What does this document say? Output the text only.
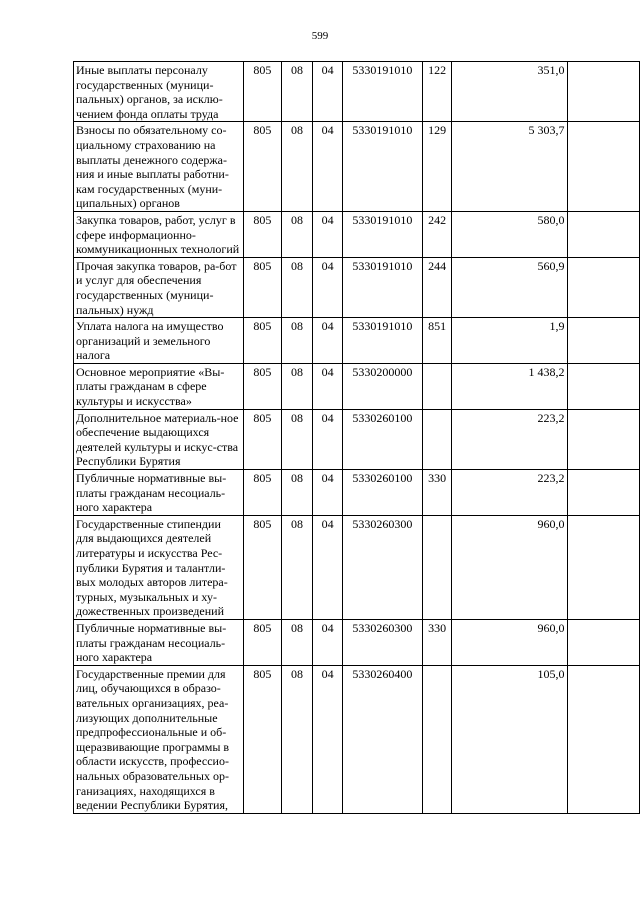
599
Иные выплаты персоналу государственных (муници-пальных) органов, за исклю-чением фонда оплаты труда	805	08	04	5330191010	122	351,0	
Взносы по обязательному со-циальному страхованию на выплаты денежного содержа-ния и иные выплаты работни-кам государственных (муни-ципальных) органов	805	08	04	5330191010	129	5 303,7	
Закупка товаров, работ, услуг в сфере информационно-коммуникационных технологий	805	08	04	5330191010	242	580,0	
Прочая закупка товаров, ра-бот и услуг для обеспечения государственных (муници-пальных) нужд	805	08	04	5330191010	244	560,9	
Уплата налога на имущество организаций и земельного налога	805	08	04	5330191010	851	1,9	
Основное мероприятие «Вы-платы гражданам в сфере культуры и искусства»	805	08	04	5330200000		1 438,2	
Дополнительное материаль-ное обеспечение выдающихся деятелей культуры и искус-ства Республики Бурятия	805	08	04	5330260100		223,2	
Публичные нормативные вы-платы гражданам несоциаль-ного характера	805	08	04	5330260100	330	223,2	
Государственные стипендии для выдающихся деятелей литературы и искусства Рес-публики Бурятия и талантли-вых молодых авторов литера-турных, музыкальных и ху-дожественных произведений	805	08	04	5330260300		960,0	
Публичные нормативные вы-платы гражданам несоциаль-ного характера	805	08	04	5330260300	330	960,0	
Государственные премии для лиц, обучающихся в образо-вательных организациях, реа-лизующих дополнительные предпрофессиональные и об-щеразвивающие программы в области искусств, профессио-нальных образовательных ор-ганизациях, находящихся в ведении Республики Бурятия,	805	08	04	5330260400		105,0	
